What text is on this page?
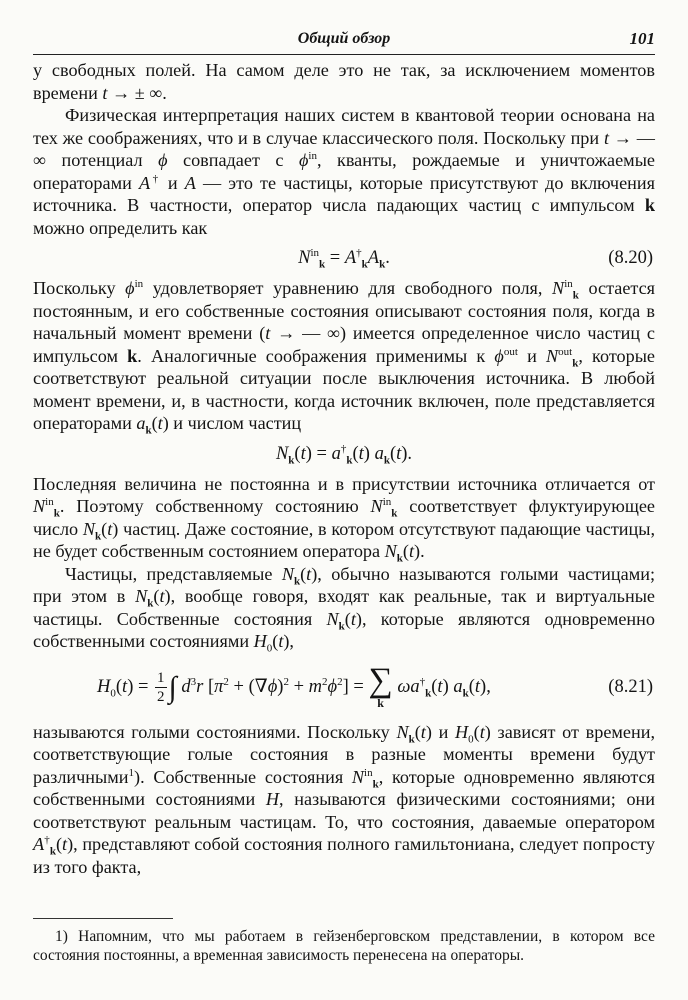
Общий обзор	101

у свободных полей. На самом деле это не так, за исключением моментов времени t → ± ∞.

Физическая интерпретация наших систем в квантовой теории основана на тех же соображениях, что и в случае классического поля. Поскольку при t → — ∞ потенциал ϕ совпадает с $\phi^{in}$, кванты, рождаемые и уничтожаемые операторами A† и A — это те частицы, которые присутствуют до включения источника. В частности, оператор числа падающих частиц с импульсом k можно определить как

$N^{in}_k = A^\dagger_kA_k$.	(8.20)

Поскольку $\phi^{in}$ удовлетворяет уравнению для свободного поля, $N^{in}_k$ остается постоянным, и его собственные состояния описывают состояния поля, когда в начальный момент времени (t → — ∞) имеется определенное число частиц с импульсом k. Аналогичные соображения применимы к $\phi^{out}$ и $N^{out}_k$, которые соответствуют реальной ситуации после выключения источника. В любой момент времени, и, в частности, когда источник включен, поле представляется операторами $a_k(t)$ и числом частиц

$N_k(t) = a^\dagger_k(t)$ $a_k(t)$.

Последняя величина не постоянна и в присутствии источника отличается от $N^{in}_k$. Поэтому собственному состоянию $N^{in}_k$ соответствует флуктуирующее число $N_k(t)$ частиц. Даже состояние, в котором отсутствуют падающие частицы, не будет собственным состоянием оператора $N_k(t)$.

Частицы, представляемые $N_k(t)$, обычно называются голыми частицами; при этом в $N_k(t)$, вообще говоря, входят как реальные, так и виртуальные частицы. Собственные состояния $N_k(t)$, которые являются одновременно собственными состояниями $H_0(t)$,

$H_0(t) = \frac{1}{2}$ ∫ $d^3r$ $[\pi^2 + (\nabla\phi)^2 + m^2\phi^2]$ = ∑
k
$\omega a^\dagger_k(t)$ $a_k(t)$,	(8.21)

называются голыми состояниями. Поскольку $N_k(t)$ и $H_0(t)$ зависят от времени, соответствующие голые состояния в разные моменты времени будут различными$^1$). Собственные состояния $N^{in}_k$, которые одновременно являются собственными состояниями H, называются физическими состояниями; они соответствуют реальным частицам. То, что состояния, даваемые оператором $A^\dagger_k(t)$, представляют собой состояния полного гамильтониана, следует попросту из того факта,

1) Напомним, что мы работаем в гейзенберговском представлении, в котором все состояния постоянны, а временная зависимость перенесена на операторы.
